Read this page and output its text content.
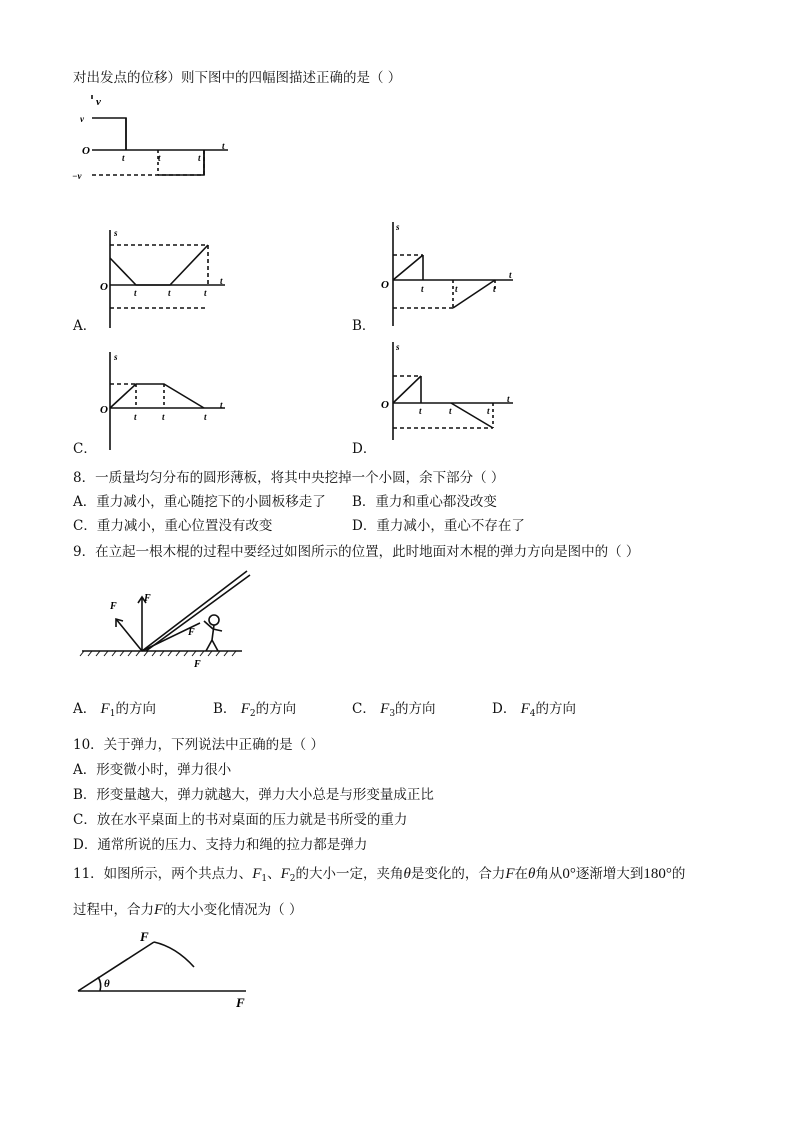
对出发点的位移）则下图中的四幅图描述正确的是（ ）
v
O	t
v
−v
t	t	t
s
O	t
t	t	t
A．
s
O
t
t	t	t
B．
s
O	t
t	t	t
C．
s
O	t
t	t	t
D．
8．一质量均匀分布的圆形薄板，将其中央挖掉一个小圆，余下部分（ ）
A．重力减小，重心随挖下的小圆板移走了 B．重力和重心都没改变
C．重力减小，重心位置没有改变	D．重力减小，重心不存在了
9．在立起一根木棍的过程中要经过如图所示的位置，此时地面对木棍的弹力方向是图中的（ ）
F
F
F
F
A． $F_1$的方向	B． $F_2$的方向	C． $F_3$的方向	D． $F_4$的方向
10．关于弹力，下列说法中正确的是（ ）
A．形变微小时，弹力很小
B．形变量越大，弹力就越大，弹力大小总是与形变量成正比
C．放在水平桌面上的书对桌面的压力就是书所受的重力
D．通常所说的压力、支持力和绳的拉力都是弹力
11．如图所示，两个共点力、$F_1$、$F_2$的大小一定，夹角θ是变化的，合力F在θ角从0°逐渐增大到180°的
过程中，合力F的大小变化情况为（ ）
F
θ
F
